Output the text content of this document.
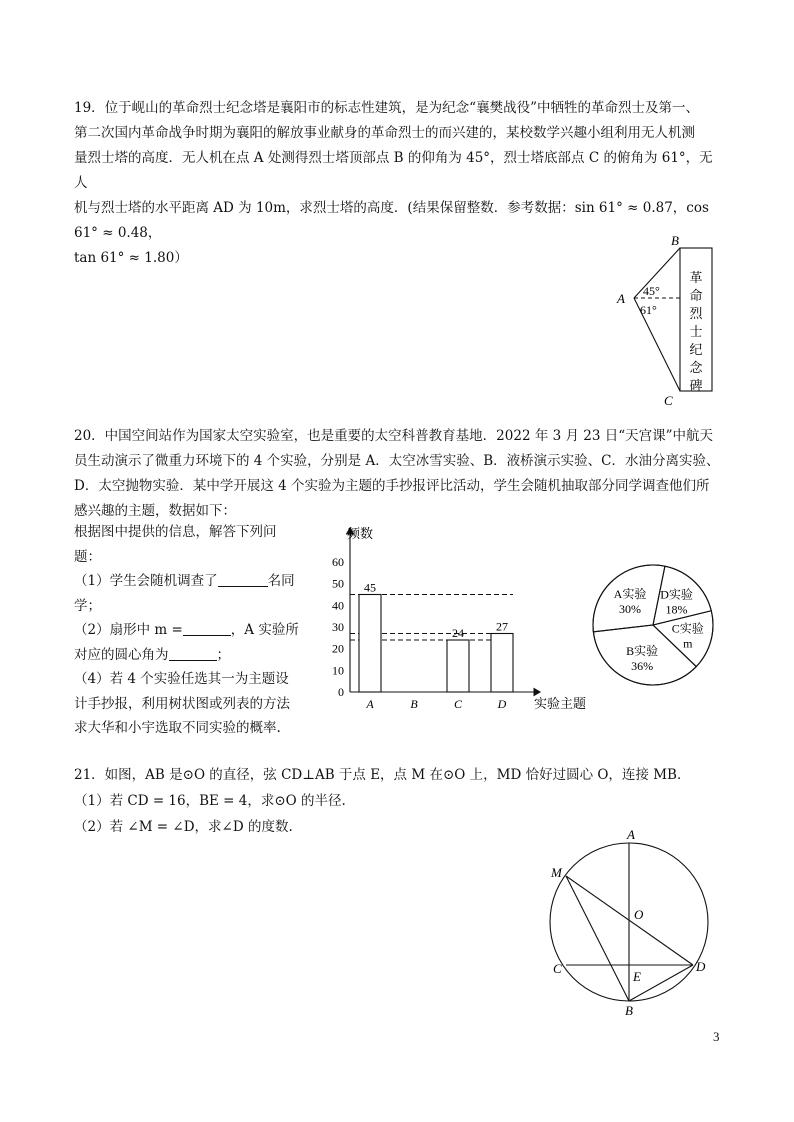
19．位于岘山的革命烈士纪念塔是襄阳市的标志性建筑，是为纪念“襄樊战役”中牺牲的革命烈士及第一、

第二次国内革命战争时期为襄阳的解放事业献身的革命烈士的而兴建的，某校数学兴趣小组利用无人机测

量烈士塔的高度．无人机在点 A 处测得烈士塔顶部点 B 的仰角为 45°，烈士塔底部点 C 的俯角为 61°，无人

机与烈士塔的水平距离 AD 为 10m，求烈士塔的高度．(结果保留整数．参考数据：sin 61° ≈ 0.87，cos 61° ≈ 0.48，

tan 61° ≈ 1.80）

A
B
C
45°
61°
革
命
烈
士
纪
念
碑

20．中国空间站作为国家太空实验室，也是重要的太空科普教育基地．2022 年 3 月 23 日“天宫课”中航天

员生动演示了微重力环境下的 4 个实验，分别是 A．太空冰雪实验、B．液桥演示实验、C．水油分离实验、

D．太空抛物实验．某中学开展这 4 个实验为主题的手抄报评比活动，学生会随机抽取部分同学调查他们所

感兴趣的主题，数据如下：

根据图中提供的信息，解答下列问

题：

（1）学生会随机调查了	名同

学；

（2）扇形中 m =	，A 实验所

对应的圆心角为	；

（4）若 4 个实验任选其一为主题设

计手抄报，利用树状图或列表的方法

求大华和小宇选取不同实验的概率.

频数
实验主题
0
10
20
30
40
50
60
45
A	B
24
C
27
D
D实验
18%
C实验
m
B实验
36%
A实验
30%

21．如图，AB 是⊙O 的直径，弦 CD⊥AB 于点 E，点 M 在⊙O 上，MD 恰好过圆心 O，连接 MB．

（1）若 CD = 16，BE = 4，求⊙O 的半径.

（2）若 ∠M = ∠D，求∠D 的度数.	A
B
C	D
E
M
O
3
